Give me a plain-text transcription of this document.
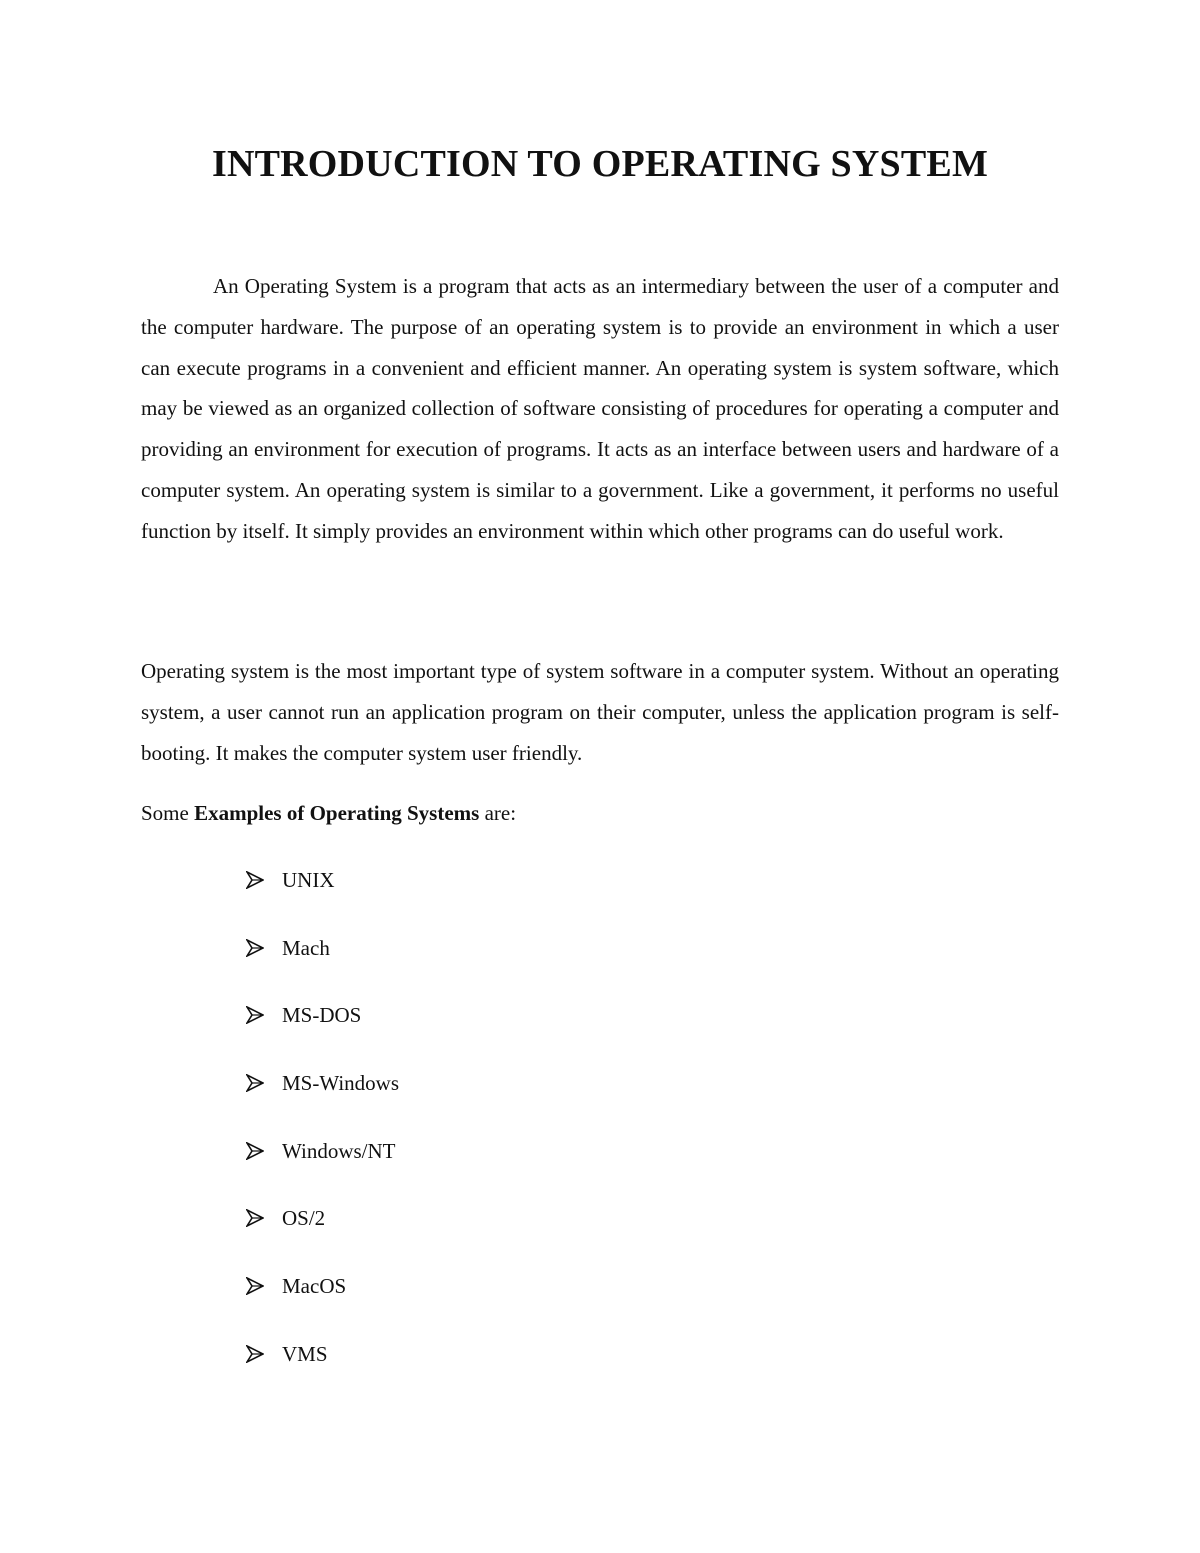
INTRODUCTION TO OPERATING SYSTEM

An Operating System is a program that acts as an intermediary between the user of a computer and the computer hardware. The purpose of an operating system is to provide an environment in which a user can execute programs in a convenient and efficient manner. An operating system is system software, which may be viewed as an organized collection of software consisting of procedures for operating a computer and providing an environment for execution of programs. It acts as an interface between users and hardware of a computer system. An operating system is similar to a government. Like a government, it performs no useful function by itself. It simply provides an environment within which other programs can do useful work.

Operating system is the most important type of system software in a computer system. Without an operating system, a user cannot run an application program on their computer, unless the application program is self-booting. It makes the computer system user friendly.

Some Examples of Operating Systems are:

UNIX
Mach
MS-DOS
MS-Windows
Windows/NT
OS/2
MacOS
VMS
